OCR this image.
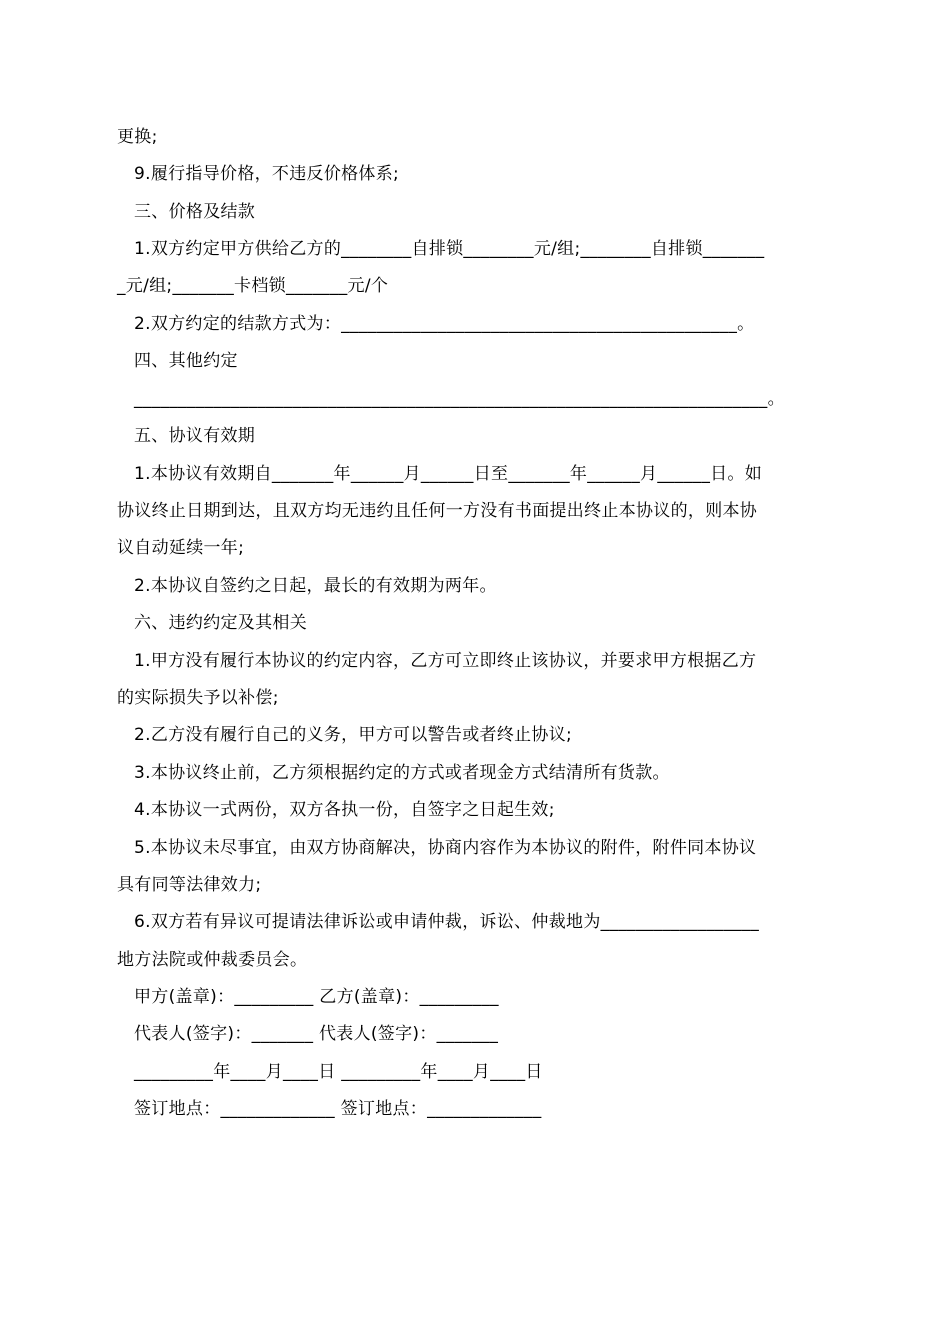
更换;
9.履行指导价格，不违反价格体系;
三、价格及结款
1.双方约定甲方供给乙方的________自排锁________元/组;________自排锁_______
_元/组;_______卡档锁_______元/个
2.双方约定的结款方式为：_____________________________________________。
四、其他约定
________________________________________________________________________。
五、协议有效期
1.本协议有效期自_______年______月______日至_______年______月______日。如
协议终止日期到达，且双方均无违约且任何一方没有书面提出终止本协议的，则本协
议自动延续一年;
2.本协议自签约之日起，最长的有效期为两年。
六、违约约定及其相关
1.甲方没有履行本协议的约定内容，乙方可立即终止该协议，并要求甲方根据乙方
的实际损失予以补偿;
2.乙方没有履行自己的义务，甲方可以警告或者终止协议;
3.本协议终止前，乙方须根据约定的方式或者现金方式结清所有货款。
4.本协议一式两份，双方各执一份，自签字之日起生效;
5.本协议未尽事宜，由双方协商解决，协商内容作为本协议的附件，附件同本协议
具有同等法律效力;
6.双方若有异议可提请法律诉讼或申请仲裁，诉讼、仲裁地为__________________
地方法院或仲裁委员会。
甲方(盖章)：_________ 乙方(盖章)：_________
代表人(签字)：_______ 代表人(签字)：_______
_________年____月____日 _________年____月____日
签订地点：_____________ 签订地点：_____________
